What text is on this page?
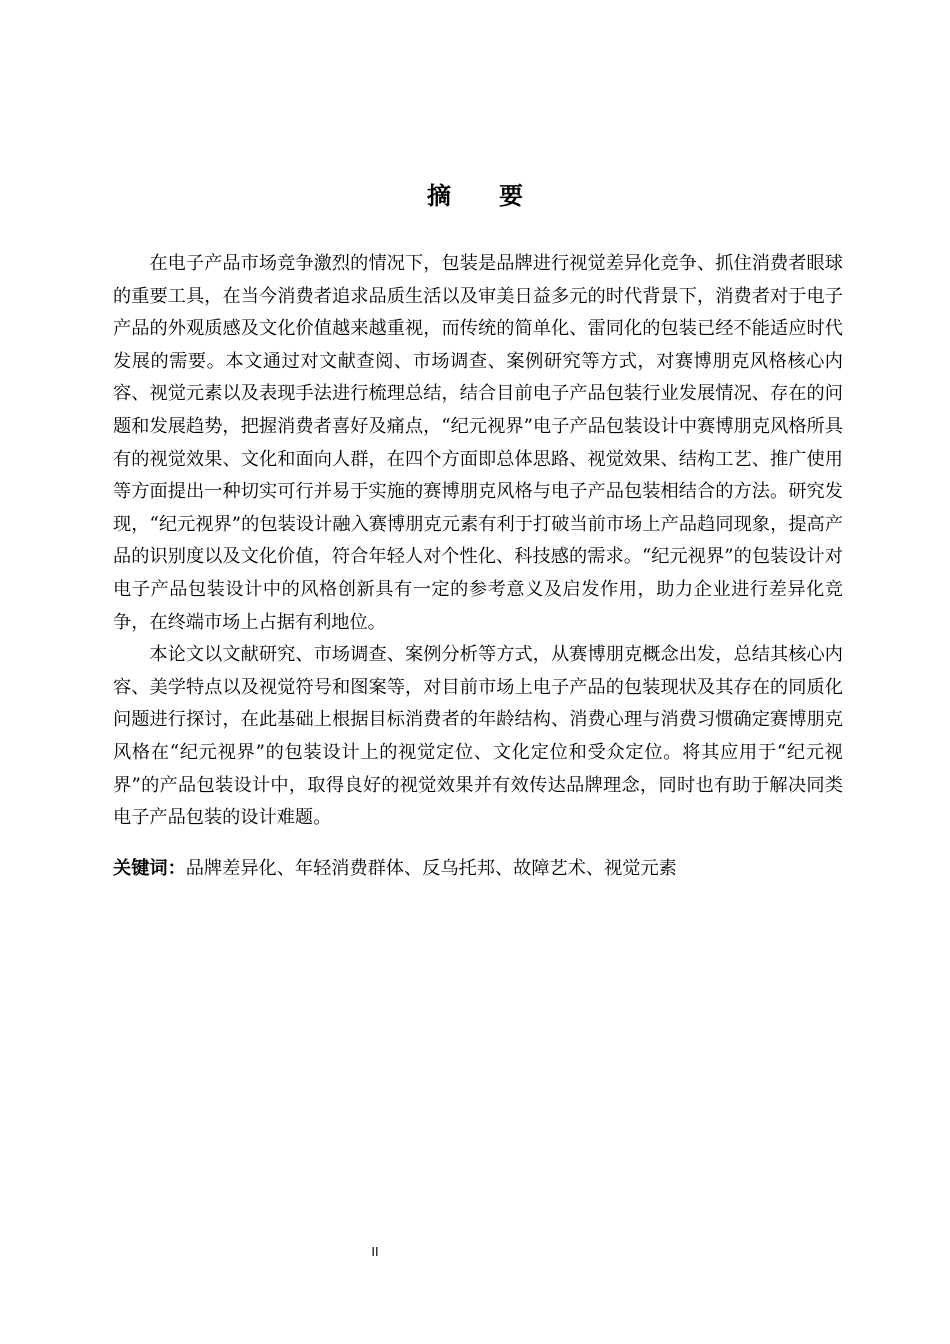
摘 要

在电子产品市场竞争激烈的情况下，包装是品牌进行视觉差异化竞争、抓住消费者眼球的重要工具，在当今消费者追求品质生活以及审美日益多元的时代背景下，消费者对于电子产品的外观质感及文化价值越来越重视，而传统的简单化、雷同化的包装已经不能适应时代发展的需要。本文通过对文献查阅、市场调查、案例研究等方式，对赛博朋克风格核心内容、视觉元素以及表现手法进行梳理总结，结合目前电子产品包装行业发展情况、存在的问题和发展趋势，把握消费者喜好及痛点，“纪元视界”电子产品包装设计中赛博朋克风格所具有的视觉效果、文化和面向人群，在四个方面即总体思路、视觉效果、结构工艺、推广使用等方面提出一种切实可行并易于实施的赛博朋克风格与电子产品包装相结合的方法。研究发现，“纪元视界”的包装设计融入赛博朋克元素有利于打破当前市场上产品趋同现象，提高产品的识别度以及文化价值，符合年轻人对个性化、科技感的需求。“纪元视界”的包装设计对电子产品包装设计中的风格创新具有一定的参考意义及启发作用，助力企业进行差异化竞争，在终端市场上占据有利地位。

本论文以文献研究、市场调查、案例分析等方式，从赛博朋克概念出发，总结其核心内容、美学特点以及视觉符号和图案等，对目前市场上电子产品的包装现状及其存在的同质化问题进行探讨，在此基础上根据目标消费者的年龄结构、消费心理与消费习惯确定赛博朋克风格在“纪元视界”的包装设计上的视觉定位、文化定位和受众定位。将其应用于“纪元视界”的产品包装设计中，取得良好的视觉效果并有效传达品牌理念，同时也有助于解决同类电子产品包装的设计难题。

关键词：品牌差异化、年轻消费群体、反乌托邦、故障艺术、视觉元素
II
